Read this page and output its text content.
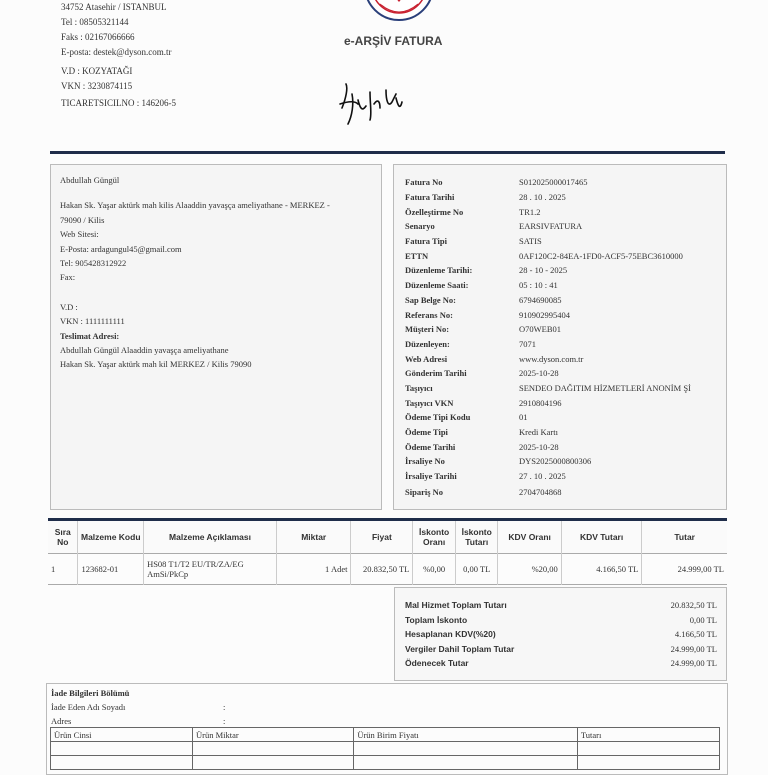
34752 Atasehir / ISTANBUL
Tel : 08505321144
Faks : 02167066666
E-posta: destek@dyson.com.tr
V.D : KOZYATAĞI
VKN : 3230874115
TICARETSICILNO : 146206-5
e-ARŞİV FATURA
Abdullah Güngül
Hakan Sk. Yaşar aktürk mah kilis Alaaddin yavaşça ameliyathane - MERKEZ -
79090 / Kilis
Web Sitesi:
E-Posta: ardagungul45@gmail.com
Tel: 905428312922
Fax:
V.D :
VKN : 1111111111
Teslimat Adresi:
Abdullah Güngül Alaaddin yavaşça ameliyathane
Hakan Sk. Yaşar aktürk mah kil MERKEZ / Kilis 79090
Fatura No	S012025000017465
Fatura Tarihi	28 . 10 . 2025
Özelleştirme No	TR1.2
Senaryo	EARSIVFATURA
Fatura Tipi	SATIS
ETTN	0AF120C2-84EA-1FD0-ACF5-75EBC3610000
Düzenleme Tarihi:	28 - 10 - 2025
Düzenleme Saati:	05 : 10 : 41
Sap Belge No:	6794690085
Referans No:	910902995404
Müşteri No:	O70WEB01
Düzenleyen:	7071
Web Adresi	www.dyson.com.tr
Gönderim Tarihi	2025-10-28
Taşıyıcı	SENDEO DAĞITIM HİZMETLERİ ANONİM Şİ
Taşıyıcı VKN	2910804196
Ödeme Tipi Kodu	01
Ödeme Tipi	Kredi Kartı
Ödeme Tarihi	2025-10-28
İrsaliye No	DYS2025000800306
İrsaliye Tarihi	27 . 10 . 2025
Sipariş No	2704704868
Sıra No	Malzeme Kodu	Malzeme Açıklaması	Miktar	Fiyat	İskonto Oranı	İskonto Tutarı	KDV Oranı	KDV Tutarı	Tutar
1	123682-01	HS08 T1/T2 EU/TR/ZA/EG AmSi/PkCp	1 Adet	20.832,50 TL	%0,00	0,00 TL	%20,00	4.166,50 TL	24.999,00 TL
Mal Hizmet Toplam Tutarı	20.832,50 TL
Toplam İskonto	0,00 TL
Hesaplanan KDV(%20)	4.166,50 TL
Vergiler Dahil Toplam Tutar	24.999,00 TL
Ödenecek Tutar	24.999,00 TL
İade Bilgileri Bölümü
İade Eden Adı Soyadı	:
Adres	:
Ürün Cinsi	Ürün Miktar	Ürün Birim Fiyatı	Tutarı
